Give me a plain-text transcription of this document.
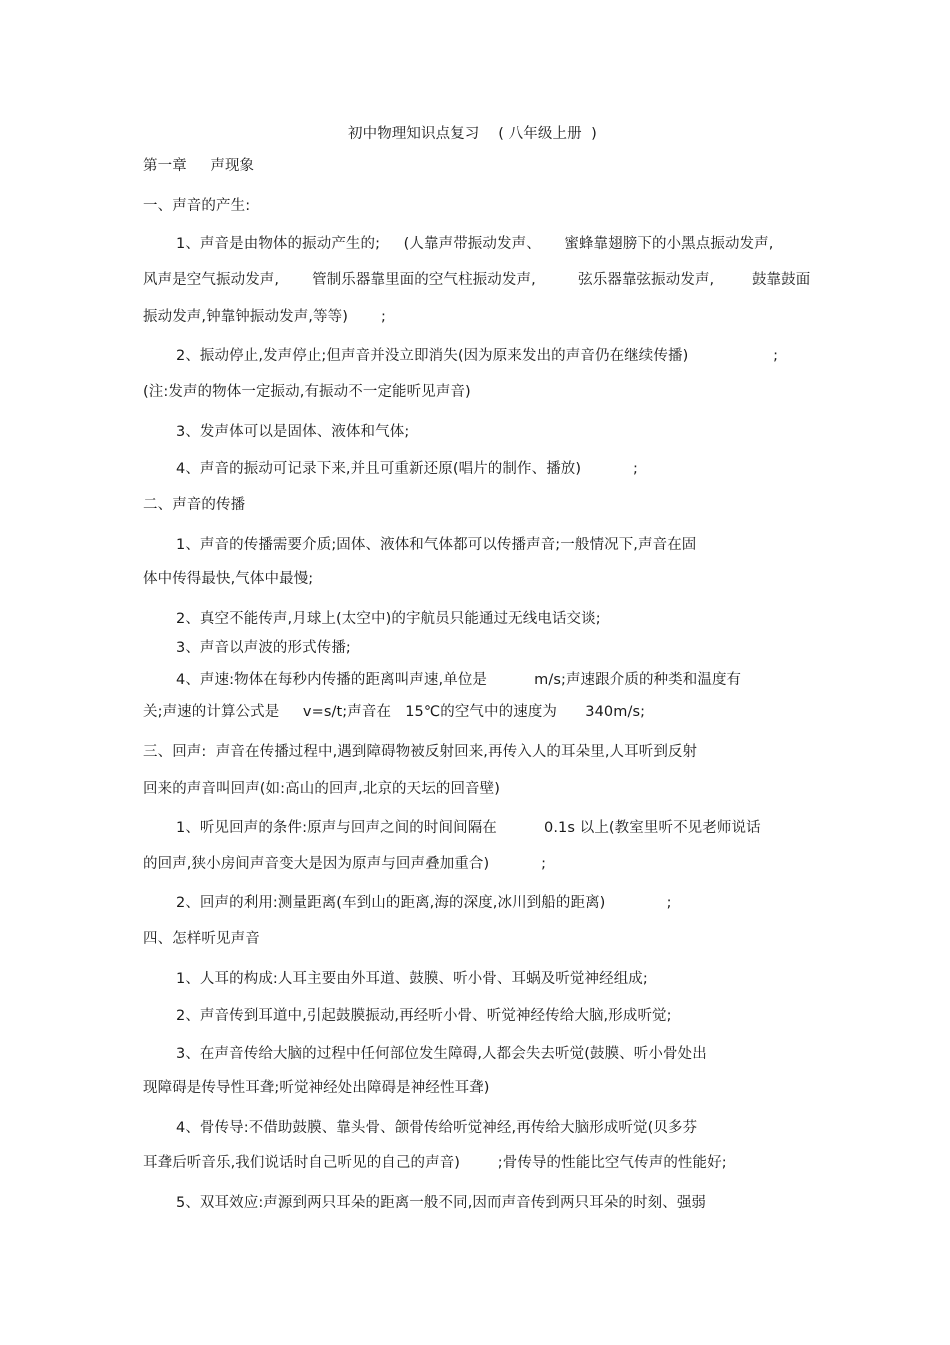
初中物理知识点复习    ( 八年级上册  )
第一章     声现象
一、声音的产生:
1、声音是由物体的振动产生的;     (人靠声带振动发声、     蜜蜂靠翅膀下的小黑点振动发声,
风声是空气振动发声,       管制乐器靠里面的空气柱振动发声,         弦乐器靠弦振动发声,        鼓靠鼓面
振动发声,钟靠钟振动发声,等等)       ;
2、振动停止,发声停止;但声音并没立即消失(因为原来发出的声音仍在继续传播)                  ;
(注:发声的物体一定振动,有振动不一定能听见声音)
3、发声体可以是固体、液体和气体;
4、声音的振动可记录下来,并且可重新还原(唱片的制作、播放)           ;
二、声音的传播
1、声音的传播需要介质;固体、液体和气体都可以传播声音;一般情况下,声音在固
体中传得最快,气体中最慢;
2、真空不能传声,月球上(太空中)的宇航员只能通过无线电话交谈;
3、声音以声波的形式传播;
4、声速:物体在每秒内传播的距离叫声速,单位是          m/s;声速跟介质的种类和温度有
关;声速的计算公式是     v=s/t;声音在   15℃的空气中的速度为      340m/s;
三、回声:  声音在传播过程中,遇到障碍物被反射回来,再传入人的耳朵里,人耳听到反射
回来的声音叫回声(如:高山的回声,北京的天坛的回音壁)
1、听见回声的条件:原声与回声之间的时间间隔在          0.1s 以上(教室里听不见老师说话
的回声,狭小房间声音变大是因为原声与回声叠加重合)           ;
2、回声的利用:测量距离(车到山的距离,海的深度,冰川到船的距离)             ;
四、怎样听见声音
1、人耳的构成:人耳主要由外耳道、鼓膜、听小骨、耳蜗及听觉神经组成;
2、声音传到耳道中,引起鼓膜振动,再经听小骨、听觉神经传给大脑,形成听觉;
3、在声音传给大脑的过程中任何部位发生障碍,人都会失去听觉(鼓膜、听小骨处出
现障碍是传导性耳聋;听觉神经处出障碍是神经性耳聋)
4、骨传导:不借助鼓膜、靠头骨、颌骨传给听觉神经,再传给大脑形成听觉(贝多芬
耳聋后听音乐,我们说话时自己听见的自己的声音)        ;骨传导的性能比空气传声的性能好;
5、双耳效应:声源到两只耳朵的距离一般不同,因而声音传到两只耳朵的时刻、强弱
